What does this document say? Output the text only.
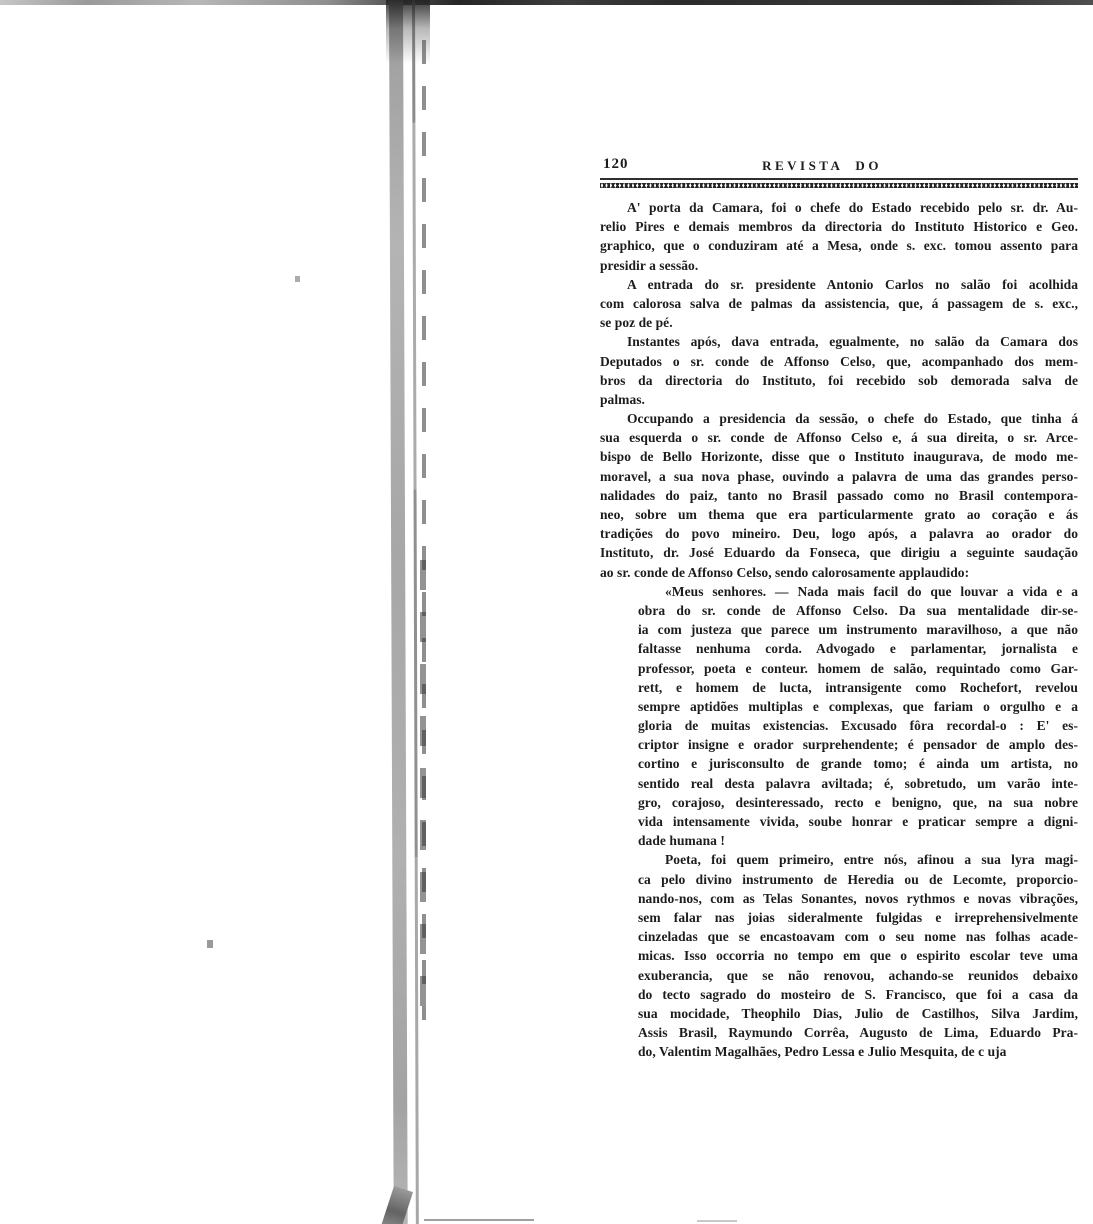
120	REVISTA DO
A' porta da Camara, foi o chefe do Estado recebido pelo sr. dr. Au-
relio Pires e demais membros da directoria do Instituto Historico e Geo.
graphico, que o conduziram até a Mesa, onde s. exc. tomou assento para
presidir a sessão.
A entrada do sr. presidente Antonio Carlos no salão foi acolhida
com calorosa salva de palmas da assistencia, que, á passagem de s. exc.,
se poz de pé.
Instantes após, dava entrada, egualmente, no salão da Camara dos
Deputados o sr. conde de Affonso Celso, que, acompanhado dos mem-
bros da directoria do Instituto, foi recebido sob demorada salva de
palmas.
Occupando a presidencia da sessão, o chefe do Estado, que tinha á
sua esquerda o sr. conde de Affonso Celso e, á sua direita, o sr. Arce-
bispo de Bello Horizonte, disse que o Instituto inaugurava, de modo me-
moravel, a sua nova phase, ouvindo a palavra de uma das grandes perso-
nalidades do paiz, tanto no Brasil passado como no Brasil contempora-
neo, sobre um thema que era particularmente grato ao coração e ás
tradições do povo mineiro. Deu, logo após, a palavra ao orador do
Instituto, dr. José Eduardo da Fonseca, que dirigiu a seguinte saudação
ao sr. conde de Affonso Celso, sendo calorosamente applaudido:
«Meus senhores. — Nada mais facil do que louvar a vida e a
obra do sr. conde de Affonso Celso. Da sua mentalidade dir-se-
ia com justeza que parece um instrumento maravilhoso, a que não
faltasse nenhuma corda. Advogado e parlamentar, jornalista e
professor, poeta e conteur. homem de salão, requintado como Gar-
rett, e homem de lucta, intransigente como Rochefort, revelou
sempre aptidões multiplas e complexas, que fariam o orgulho e a
gloria de muitas existencias. Excusado fôra recordal-o : E' es-
criptor insigne e orador surprehendente; é pensador de amplo des-
cortino e jurisconsulto de grande tomo; é ainda um artista, no
sentido real desta palavra aviltada; é, sobretudo, um varão inte-
gro, corajoso, desinteressado, recto e benigno, que, na sua nobre
vida intensamente vivida, soube honrar e praticar sempre a digni-
dade humana !
Poeta, foi quem primeiro, entre nós, afinou a sua lyra magi-
ca pelo divino instrumento de Heredia ou de Lecomte, proporcio-
nando-nos, com as Telas Sonantes, novos rythmos e novas vibrações,
sem falar nas joias sideralmente fulgidas e irreprehensivelmente
cinzeladas que se encastoavam com o seu nome nas folhas acade-
micas. Isso occorria no tempo em que o espirito escolar teve uma
exuberancia, que se não renovou, achando-se reunidos debaixo
do tecto sagrado do mosteiro de S. Francisco, que foi a casa da
sua mocidade, Theophilo Dias, Julio de Castilhos, Silva Jardim,
Assis Brasil, Raymundo Corrêa, Augusto de Lima, Eduardo Pra-
do, Valentim Magalhães, Pedro Lessa e Julio Mesquita, de c uja
